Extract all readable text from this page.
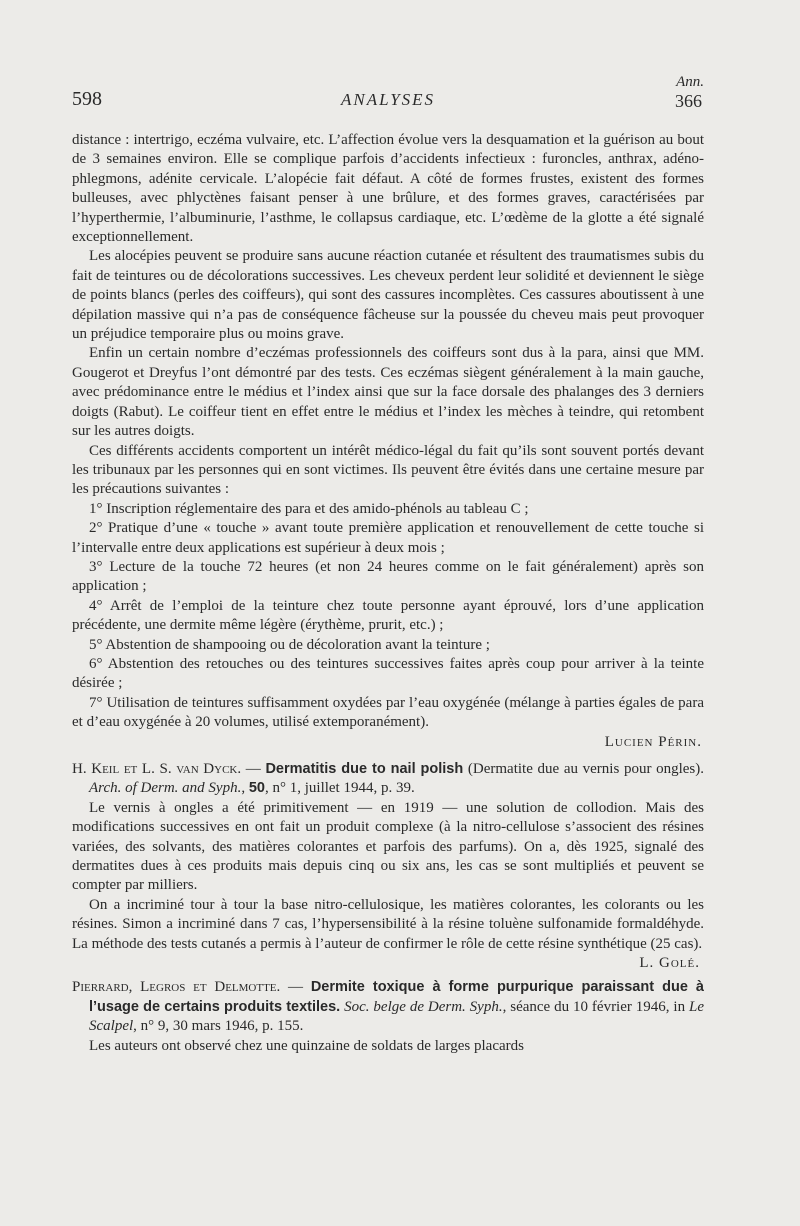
598	ANALYSES
Ann.
366

distance : intertrigo, eczéma vulvaire, etc. L’affection évolue vers la desquamation et la guérison au bout de 3 semaines environ. Elle se complique parfois d’accidents infectieux : furoncles, anthrax, adéno-phlegmons, adénite cervicale. L’alopécie fait défaut. A côté de formes frustes, existent des formes bulleuses, avec phlyctènes faisant penser à une brûlure, et des formes graves, caractérisées par l’hyperthermie, l’albuminurie, l’asthme, le collapsus cardiaque, etc. L’œdème de la glotte a été signalé exceptionnellement.

Les alocépies peuvent se produire sans aucune réaction cutanée et résultent des traumatismes subis du fait de teintures ou de décolorations successives. Les cheveux perdent leur solidité et deviennent le siège de points blancs (perles des coiffeurs), qui sont des cassures incomplètes. Ces cassures aboutissent à une dépilation massive qui n’a pas de conséquence fâcheuse sur la poussée du cheveu mais peut provoquer un préjudice temporaire plus ou moins grave.

Enfin un certain nombre d’eczémas professionnels des coiffeurs sont dus à la para, ainsi que MM. Gougerot et Dreyfus l’ont démontré par des tests. Ces eczémas siègent généralement à la main gauche, avec prédominance entre le médius et l’index ainsi que sur la face dorsale des phalanges des 3 derniers doigts (Rabut). Le coiffeur tient en effet entre le médius et l’index les mèches à teindre, qui retombent sur les autres doigts.

Ces différents accidents comportent un intérêt médico-légal du fait qu’ils sont souvent portés devant les tribunaux par les personnes qui en sont victimes. Ils peuvent être évités dans une certaine mesure par les précautions suivantes :

1° Inscription réglementaire des para et des amido-phénols au tableau C ;

2° Pratique d’une « touche » avant toute première application et renouvellement de cette touche si l’intervalle entre deux applications est supérieur à deux mois ;

3° Lecture de la touche 72 heures (et non 24 heures comme on le fait généralement) après son application ;

4° Arrêt de l’emploi de la teinture chez toute personne ayant éprouvé, lors d’une application précédente, une dermite même légère (érythème, prurit, etc.) ;

5° Abstention de shampooing ou de décoloration avant la teinture ;

6° Abstention des retouches ou des teintures successives faites après coup pour arriver à la teinte désirée ;

7° Utilisation de teintures suffisamment oxydées par l’eau oxygénée (mélange à parties égales de para et d’eau oxygénée à 20 volumes, utilisé extemporanément).

Lucien Périn.

H. Keil et L. S. van Dyck. — Dermatitis due to nail polish (Dermatite due au vernis pour ongles). Arch. of Derm. and Syph., 50, n° 1, juillet 1944, p. 39.

Le vernis à ongles a été primitivement — en 1919 — une solution de collodion. Mais des modifications successives en ont fait un produit complexe (à la nitro-cellulose s’associent des résines variées, des solvants, des matières colorantes et parfois des parfums). On a, dès 1925, signalé des dermatites dues à ces produits mais depuis cinq ou six ans, les cas se sont multipliés et peuvent se compter par milliers.

On a incriminé tour à tour la base nitro-cellulosique, les matières colorantes, les colorants ou les résines. Simon a incriminé dans 7 cas, l’hypersensibilité à la résine toluène sulfonamide formaldéhyde. La méthode des tests cutanés a permis à l’auteur de confirmer le rôle de cette résine synthétique (25 cas).

L. Golé.

Pierrard, Legros et Delmotte. — Dermite toxique à forme purpurique paraissant due à l’usage de certains produits textiles. Soc. belge de Derm. Syph., séance du 10 février 1946, in Le Scalpel, n° 9, 30 mars 1946, p. 155.

Les auteurs ont observé chez une quinzaine de soldats de larges placards
